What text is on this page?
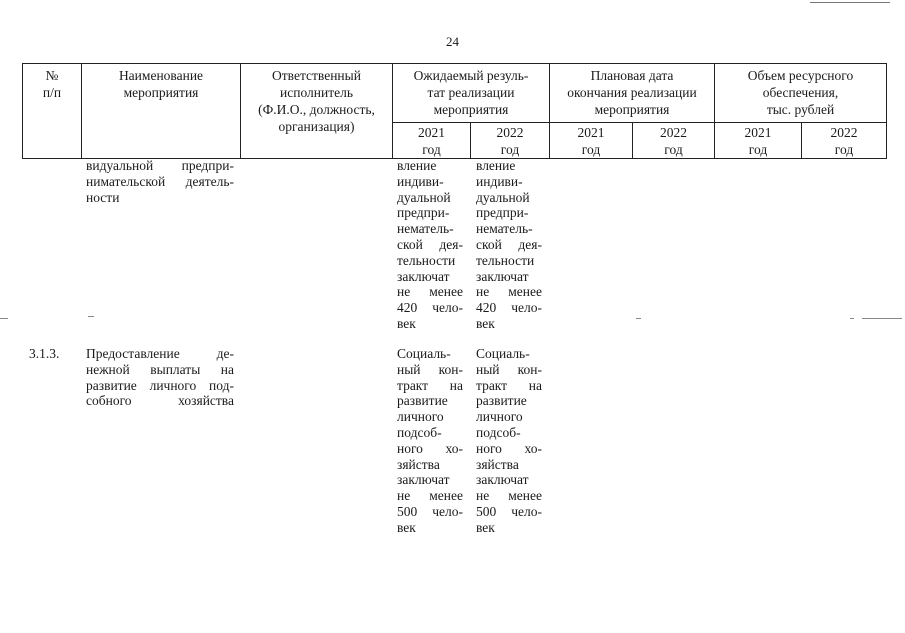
24
№
п/п
Наименование
мероприятия
Ответственный
исполнитель
(Ф.И.О., должность,
организация)
Ожидаемый резуль-
тат реализации
мероприятия
Плановая дата
окончания реализации
мероприятия
Объем ресурсного
обеспечения,
тыс. рублей
2021
год
2022
год
2021
год
2022
год
2021
год
2022
год
видуальной предпри-
нимательской деятель-
ности
вление
индиви-
дуальной
предпри-
нематель-
ской дея-
тельности
заключат
не менее
420 чело-
век
вление
индиви-
дуальной
предпри-
нематель-
ской дея-
тельности
заключат
не менее
420 чело-
век
3.1.3. Предоставление де-
нежной выплаты на
развитие личного под-
собного хозяйства
Социаль-
ный кон-
тракт на
развитие
личного
подсоб-
ного хо-
зяйства
заключат
не менее
500 чело-
век
Социаль-
ный кон-
тракт на
развитие
личного
подсоб-
ного хо-
зяйства
заключат
не менее
500 чело-
век
